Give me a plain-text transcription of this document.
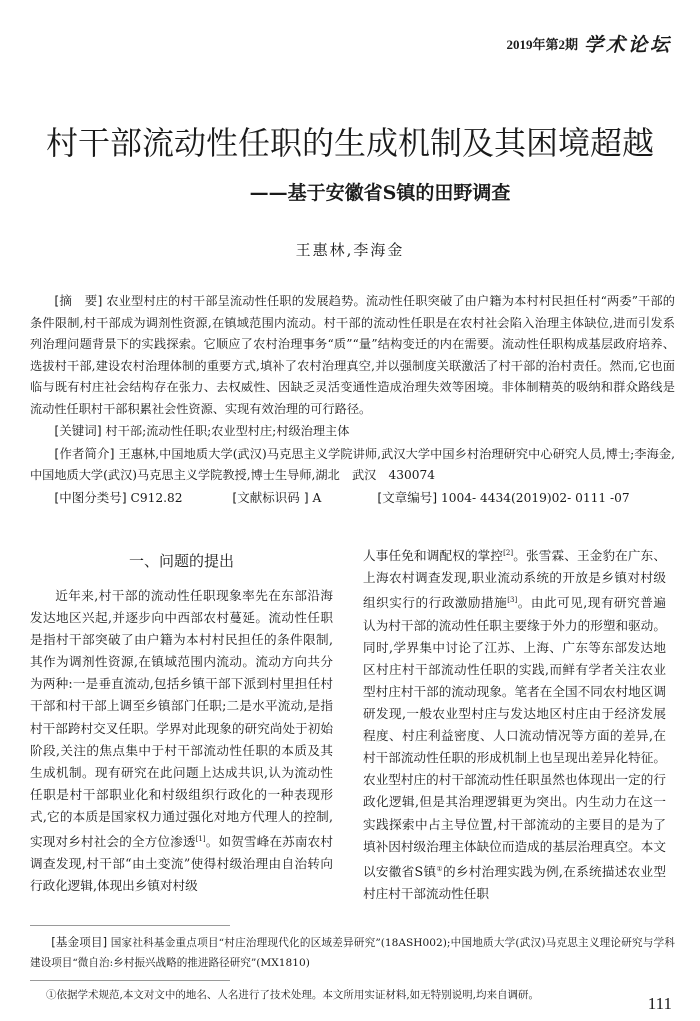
2019年第2期 学术论坛
村干部流动性任职的生成机制及其困境超越
——基于安徽省S镇的田野调查
王惠林,李海金

[摘　要] 农业型村庄的村干部呈流动性任职的发展趋势。流动性任职突破了由户籍为本村村民担任村“两委”干部的条件限制,村干部成为调剂性资源,在镇域范围内流动。村干部的流动性任职是在农村社会陷入治理主体缺位,进而引发系列治理问题背景下的实践探索。它顺应了农村治理事务“质”“量”结构变迁的内在需要。流动性任职构成基层政府培养、选拔村干部,建设农村治理体制的重要方式,填补了农村治理真空,并以强制度关联激活了村干部的治村责任。然而,它也面临与既有村庄社会结构存在张力、去权威性、因缺乏灵活变通性造成治理失效等困境。非体制精英的吸纳和群众路线是流动性任职村干部积累社会性资源、实现有效治理的可行路径。

[关键词] 村干部;流动性任职;农业型村庄;村级治理主体

[作者简介] 王惠林,中国地质大学(武汉)马克思主义学院讲师,武汉大学中国乡村治理研究中心研究人员,博士;李海金,中国地质大学(武汉)马克思主义学院教授,博士生导师,湖北　武汉　430074

[中图分类号] C912.82	[文献标识码 ] A	[文章编号] 1004- 4434(2019)02- 0111 -07
一、问题的提出

近年来,村干部的流动性任职现象率先在东部沿海发达地区兴起,并逐步向中西部农村蔓延。流动性任职是指村干部突破了由户籍为本村村民担任的条件限制,其作为调剂性资源,在镇域范围内流动。流动方向共分为两种:一是垂直流动,包括乡镇干部下派到村里担任村干部和村干部上调至乡镇部门任职;二是水平流动,是指村干部跨村交叉任职。学界对此现象的研究尚处于初始阶段,关注的焦点集中于村干部流动性任职的本质及其生成机制。现有研究在此问题上达成共识,认为流动性任职是村干部职业化和村级组织行政化的一种表现形式,它的本质是国家权力通过强化对地方代理人的控制,实现对乡村社会的全方位渗透[1]。如贺雪峰在苏南农村调查发现,村干部“由土变流”使得村级治理由自治转向行政化逻辑,体现出乡镇对村级

人事任免和调配权的掌控[2]。张雪霖、王金豹在广东、上海农村调查发现,职业流动系统的开放是乡镇对村级组织实行的行政激励措施[3]。由此可见,现有研究普遍认为村干部的流动性任职主要缘于外力的形塑和驱动。同时,学界集中讨论了江苏、上海、广东等东部发达地区村庄村干部流动性任职的实践,而鲜有学者关注农业型村庄村干部的流动现象。笔者在全国不同农村地区调研发现,一般农业型村庄与发达地区村庄由于经济发展程度、村庄利益密度、人口流动情况等方面的差异,在村干部流动性任职的形成机制上也呈现出差异化特征。农业型村庄的村干部流动性任职虽然也体现出一定的行政化逻辑,但是其治理逻辑更为突出。内生动力在这一实践探索中占主导位置,村干部流动的主要目的是为了填补因村级治理主体缺位而造成的基层治理真空。本文以安徽省S镇①的乡村治理实践为例,在系统描述农业型村庄村干部流动性任职

[基金项目] 国家社科基金重点项目“村庄治理现代化的区域差异研究”(18ASH002);中国地质大学(武汉)马克思主义理论研究与学科建设项目“微自治:乡村振兴战略的推进路径研究”(MX1810)

①依据学术规范,本文对文中的地名、人名进行了技术处理。本文所用实证材料,如无特别说明,均来自调研。	111
